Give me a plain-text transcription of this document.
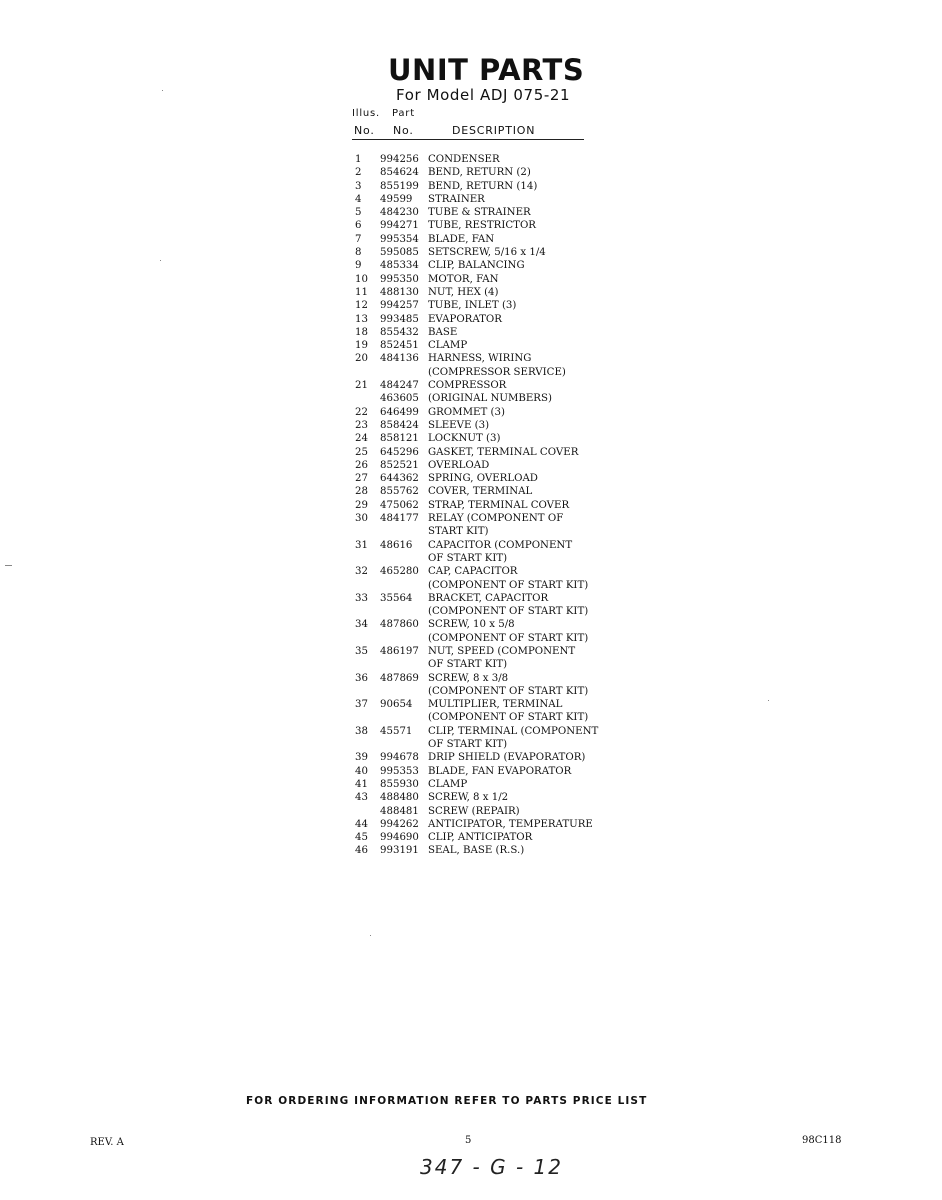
UNIT PARTS
For Model ADJ 075-21
Illus. Part
No. No.	DESCRIPTION
1	994256 CONDENSER
2	854624 BEND, RETURN (2)
3	855199 BEND, RETURN (14)
4	49599 STRAINER
5	484230 TUBE & STRAINER
6	994271 TUBE, RESTRICTOR
7	995354 BLADE, FAN
8	595085 SETSCREW, 5/16 x 1/4
9	485334 CLIP, BALANCING
10	995350 MOTOR, FAN
11	488130 NUT, HEX (4)
12	994257 TUBE, INLET (3)
13	993485 EVAPORATOR
18	855432 BASE
19	852451 CLAMP
20	484136 HARNESS, WIRING
(COMPRESSOR SERVICE)
21	484247 COMPRESSOR
463605 (ORIGINAL NUMBERS)
22	646499 GROMMET (3)
23	858424 SLEEVE (3)
24	858121 LOCKNUT (3)
25	645296 GASKET, TERMINAL COVER
26	852521 OVERLOAD
27	644362 SPRING, OVERLOAD
28	855762 COVER, TERMINAL
29	475062 STRAP, TERMINAL COVER
30	484177 RELAY (COMPONENT OF
START KIT)
31	48616 CAPACITOR (COMPONENT
OF START KIT)
32	465280 CAP, CAPACITOR
(COMPONENT OF START KIT)
33	35564 BRACKET, CAPACITOR
(COMPONENT OF START KIT)
34	487860 SCREW, 10 x 5/8
(COMPONENT OF START KIT)
35	486197 NUT, SPEED (COMPONENT
OF START KIT)
36	487869 SCREW, 8 x 3/8
(COMPONENT OF START KIT)
37	90654 MULTIPLIER, TERMINAL
(COMPONENT OF START KIT)
38	45571 CLIP, TERMINAL (COMPONENT
OF START KIT)
39	994678 DRIP SHIELD (EVAPORATOR)
40	995353 BLADE, FAN EVAPORATOR
41	855930 CLAMP
43	488480 SCREW, 8 x 1/2
488481 SCREW (REPAIR)
44	994262 ANTICIPATOR, TEMPERATURE
45	994690 CLIP, ANTICIPATOR
46	993191 SEAL, BASE (R.S.)
FOR ORDERING INFORMATION REFER TO PARTS PRICE LIST
REV. A	5	98C118
347 - G - 12
